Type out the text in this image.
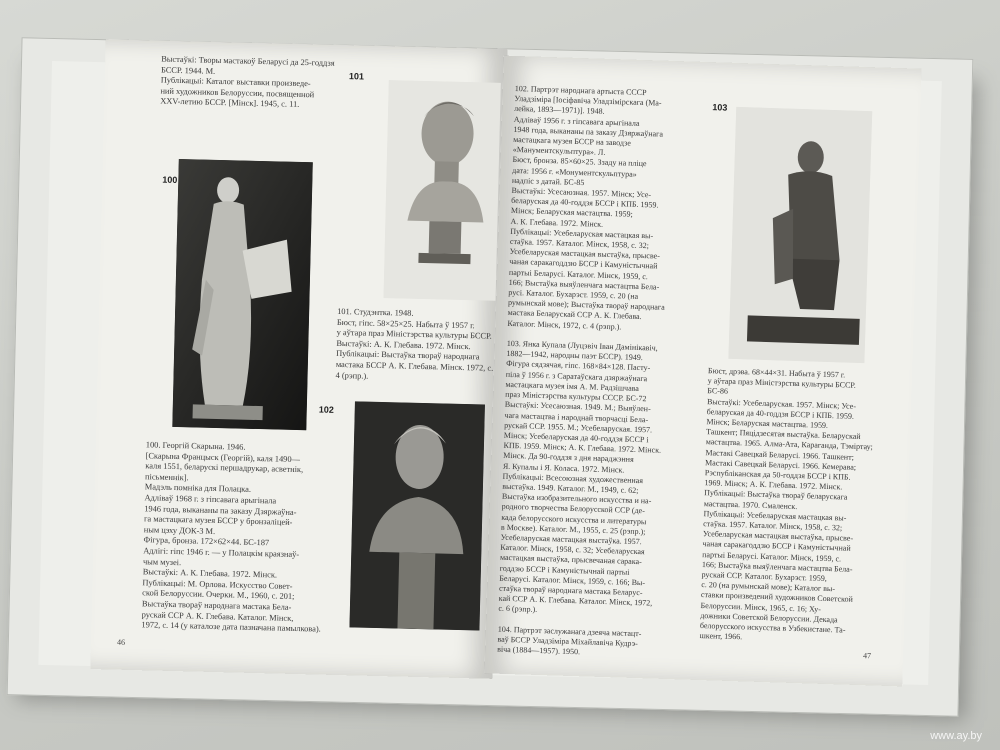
Выстаўкі: Творы мастакоў Беларусі да 25-годдзя БССР. 1944. М.
Публікацыі: Каталог выставки произведе-
ний художников Белоруссии, посвященной
XXV-летию БССР. [Мінск]. 1945, с. 11.
100
100. Георгій Скарына. 1946.
[Скарына Францыск (Георгій), каля 1490—
каля 1551, беларускі першадрукар, асветнік,
пісьменнік].
Мадэль помніка для Полацка.
Адліваў 1968 г. з гіпсавага арыгінала
1946 года, выкананы па заказу Дзяржаўна-
га мастацкага музея БССР у бронзаліцей-
ным цэху ДОК-3 М.
Фігура, бронза. 172×62×44. БС-187
Адлігі: гіпс 1946 г. — у Полацкім краязнаў-
чым музеі.
Выстаўкі: А. К. Глебава. 1972. Мінск.
Публікацыі: М. Орлова. Искусство Совет-
ской Белоруссии. Очерки. М., 1960, с. 201;
Выстаўка твораў народнага мастака Бела-
рускай ССР А. К. Глебава. Каталог. Мінск,
1972, с. 14 (у каталозе дата пазначана памылкова).
101
101. Студэнтка. 1948.
Бюст, гіпс. 58×25×25. Набыта ў 1957 г.
у аўтара праз Міністэрства культуры БССР.
Выстаўкі: А. К. Глебава. 1972. Мінск.
Публікацыі: Выстаўка твораў народнага
мастака БССР А. К. Глебава. Мінск. 1972, с. 4 (рэпр.).
102
46
102. Партрэт народнага артыста СССР
Уладзіміра [Іосіфавіча Уладзімірскага (Ма-
лейка, 1893—1971)]. 1948.
Адліваў 1956 г. з гіпсавага арыгінала
1948 года, выкананы па заказу Дзяржаўнага
мастацкага музея БССР на заводзе
«Манументскульптура». Л.
Бюст, бронза. 85×60×25. Ззаду на пліце
дата: 1956 г. «Монументскульптура»
надпіс з датай. БС-85
Выстаўкі: Усесаюзная. 1957. Мінск; Усе-
беларуская да 40-годдзя БССР і КПБ. 1959.
Мінск; Беларуская мастацтва. 1959;
А. К. Глебава. 1972. Мінск.
Публікацыі: Усебеларуская мастацкая вы-
стаўка. 1957. Каталог. Мінск, 1958, с. 32;
Усебеларуская мастацкая выстаўка, прысве-
чаная саракагоддзю БССР і Камуністычнай
партыі Беларусі. Каталог. Мінск, 1959, с.
166; Выстаўка выяўленчага мастацтва Бела-
русі. Каталог. Бухарэст. 1959, с. 20 (на
румынскай мове); Выстаўка твораў народнага
мастака Беларускай ССР А. К. Глебава.
Каталог. Мінск, 1972, с. 4 (рэпр.).

103. Янка Купала (Луцэвіч Іван Дамінікавіч,
1882—1942, народны паэт БССР). 1949.
Фігура сядзячая, гіпс. 168×84×128. Пасту-
піла ў 1956 г. з Саратаўскага дзяржаўнага
мастацкага музея імя А. М. Радзішчава
праз Міністэрства культуры СССР. БС-72
Выстаўкі: Усесаюзная. 1949. М.; Выяўлен-
чага мастацтва і народнай творчасці Бела-
рускай ССР. 1955. М.; Усебеларуская. 1957.
Мінск; Усебеларуская да 40-годдзя БССР і
КПБ. 1959. Мінск; А. К. Глебава. 1972. Мінск.
Мінск. Да 90-годдзя з дня нараджэння
Я. Купалы і Я. Коласа. 1972. Мінск.
Публікацыі: Всесоюзная художественная
выстаўка. 1949. Каталог. М., 1949, с. 62;
Выстаўка изобразительного искусства и на-
родного творчества Белорусской ССР (де-
када белорусского искусства и литературы
в Москве). Каталог. М., 1955, с. 25 (рэпр.);
Усебеларуская мастацкая выстаўка. 1957.
Каталог. Мінск, 1958, с. 32; Усебеларуская
мастацкая выстаўка, прысвечаная сарака-
годдзю БССР і Камуністычнай партыі
Беларусі. Каталог. Мінск, 1959, с. 166; Вы-
стаўка твораў народнага мастака Беларус-
кай ССР А. К. Глебава. Каталог. Мінск, 1972,
с. 6 (рэпр.).

104. Партрэт заслужанага дзеяча мастацт-
ваў БССР Уладзіміра Міхайлавіча Кудрэ-
віча (1884—1957). 1950.
103
Бюст, дрэва. 68×44×31. Набыта ў 1957 г.
у аўтара праз Міністэрства культуры БССР.
БС-86
Выстаўкі: Усебеларуская. 1957. Мінск; Усе-
беларуская да 40-годдзя БССР і КПБ. 1959.
Мінск; Беларуская мастацтва. 1959.
Ташкент; Пяцідзесятая выстаўка. Беларускай
мастацтва. 1965. Алма-Ата, Караганда, Тэміртау;
Мастакі Савецкай Беларусі. 1966. Ташкент;
Мастакі Савецкай Беларусі. 1966. Кемерава;
Рэспубліканская да 50-годдзя БССР і КПБ.
1969. Мінск; А. К. Глебава. 1972. Мінск.
Публікацыі: Выстаўка твораў беларускага
мастацтва. 1970. Смаленск.
Публікацыі: Усебеларуская мастацкая вы-
стаўка. 1957. Каталог. Мінск, 1958, с. 32;
Усебеларуская мастацкая выстаўка, прысве-
чаная саракагоддзю БССР і Камуністычнай
партыі Беларусі. Каталог. Мінск, 1959, с.
166; Выстаўка выяўленчага мастацтва Бела-
рускай ССР. Каталог. Бухарэст. 1959,
с. 20 (на румынскай мове); Каталог вы-
ставки произведений художников Советской
Белоруссии. Мінск, 1965, с. 16; Ху-
дожники Советской Белоруссии. Декада
белорусского искусства в Узбекистане. Та-
шкент, 1966.
47
www.ay.by
